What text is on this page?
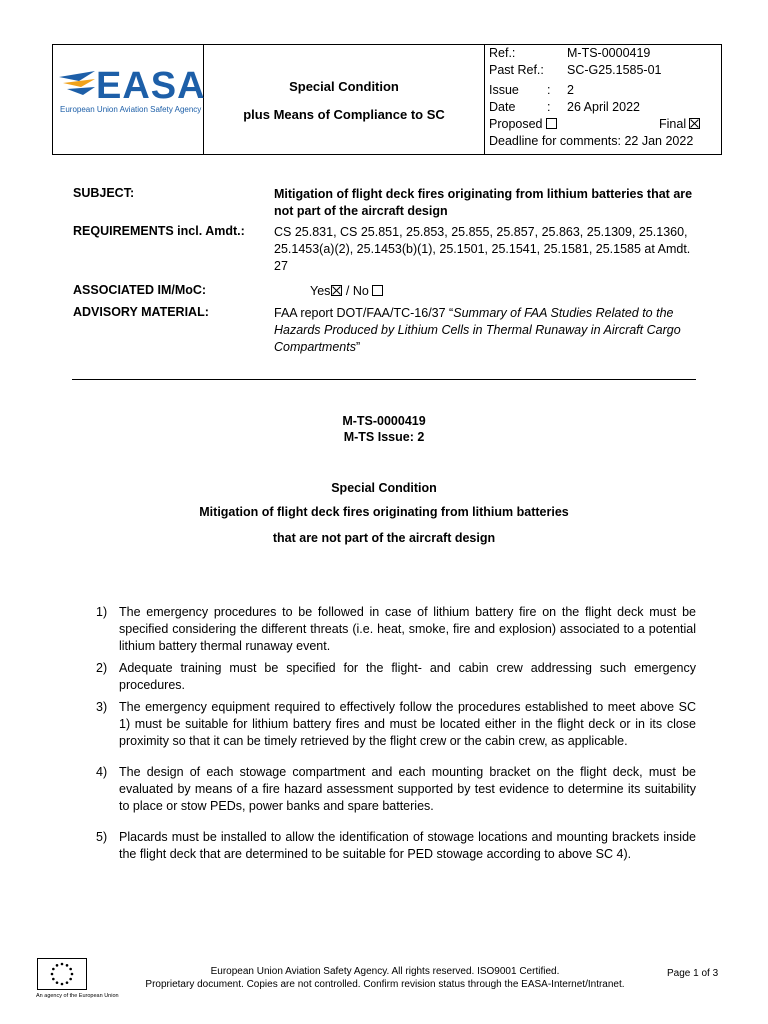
EASA
European Union Aviation Safety Agency
Special Condition
plus Means of Compliance to SC
Ref.:	M-TS-0000419
Past Ref.: SC-G25.1585-01
Issue : 2
Date	: 26 April 2022
Proposed	Final
Deadline for comments: 22 Jan 2022
SUBJECT:	Mitigation of flight deck fires originating from lithium batteries that are not part of the aircraft design
REQUIREMENTS incl. Amdt.: CS 25.831, CS 25.851, 25.853, 25.855, 25.857, 25.863, 25.1309, 25.1360, 25.1453(a)(2), 25.1453(b)(1), 25.1501, 25.1541, 25.1581, 25.1585 at Amdt. 27
ASSOCIATED IM/MoC:	Yes / No
ADVISORY MATERIAL:	FAA report DOT/FAA/TC-16/37 “Summary of FAA Studies Related to the Hazards Produced by Lithium Cells in Thermal Runaway in Aircraft Cargo Compartments”
M-TS-0000419
M-TS Issue: 2
Special Condition
Mitigation of flight deck fires originating from lithium batteries
that are not part of the aircraft design
1) The emergency procedures to be followed in case of lithium battery fire on the flight deck must be specified considering the different threats (i.e. heat, smoke, fire and explosion) associated to a potential lithium battery thermal runaway event.
2) Adequate training must be specified for the flight- and cabin crew addressing such emergency procedures.
3) The emergency equipment required to effectively follow the procedures established to meet above SC 1) must be suitable for lithium battery fires and must be located either in the flight deck or in its close proximity so that it can be timely retrieved by the flight crew or the cabin crew, as applicable.
4) The design of each stowage compartment and each mounting bracket on the flight deck, must be evaluated by means of a fire hazard assessment supported by test evidence to determine its suitability to place or stow PEDs, power banks and spare batteries.
5) Placards must be installed to allow the identification of stowage locations and mounting brackets inside the flight deck that are determined to be suitable for PED stowage according to above SC 4).
An agency of the European Union
European Union Aviation Safety Agency. All rights reserved. ISO9001 Certified.
Proprietary document. Copies are not controlled. Confirm revision status through the EASA-Internet/Intranet.
Page 1 of 3
